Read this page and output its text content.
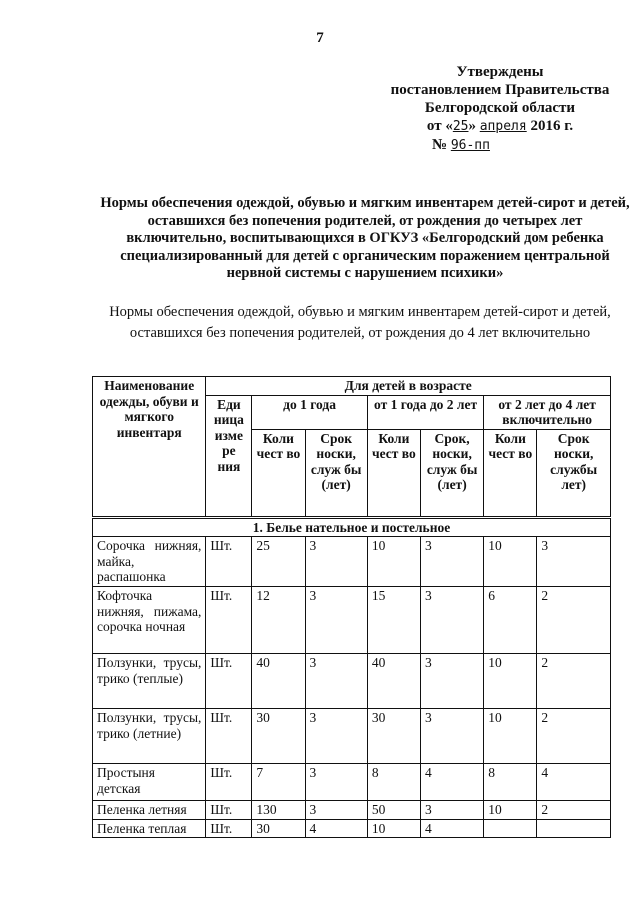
7
Утверждены
постановлением Правительства
Белгородской области
от «25» апреля 2016 г.
№ 96-пп
Нормы обеспечения одеждой, обувью и мягким инвентарем детей-сирот и детей, оставшихся без попечения родителей, от рождения до четырех лет включительно, воспитывающихся в ОГКУЗ «Белгородский дом ребенка специализированный для детей с органическим поражением центральной нервной системы с нарушением психики»
Нормы обеспечения одеждой, обувью и мягким инвентарем детей-сирот и детей, оставшихся без попечения родителей, от рождения до 4 лет включительно
Наименование одежды, обуви и мягкого инвентаря	Для детей в возрасте						
	Еди ница изме ре ния	до 1 года		от 1 года до 2 лет		от 2 лет до 4 лет включительно	
		Коли чест во	Срок носки, служ бы (лет)	Коли чест во	Срок, носки, служ бы (лет)	Коли чест во	Срок носки, службы лет)
1. Белье нательное и постельное							
Сорочка нижняя, майка, распашонка	Шт.	25	3	10	3	10	3
Кофточка нижняя, пижама, сорочка ночная	Шт.	12	3	15	3	6	2
Ползунки, трусы, трико (теплые)	Шт.	40	3	40	3	10	2
Ползунки, трусы, трико (летние)	Шт.	30	3	30	3	10	2
Простыня детская	Шт.	7	3	8	4	8	4
Пеленка летняя	Шт.	130	3	50	3	10	2
Пеленка теплая	Шт.	30	4	10	4		
